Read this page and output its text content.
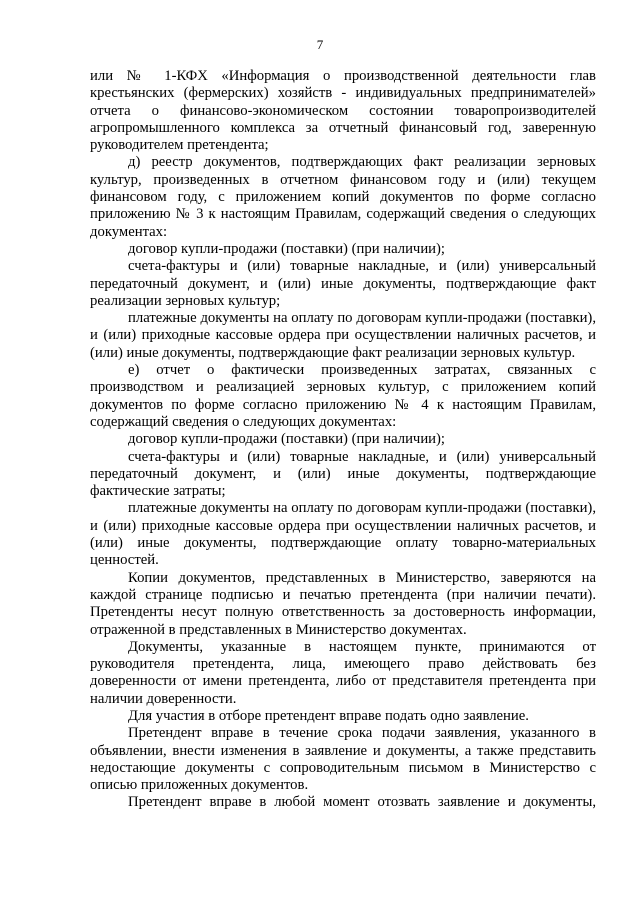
7

или № 1-КФХ «Информация о производственной деятельности глав крестьянских (фермерских) хозяйств - индивидуальных предпринимателей» отчета о финансово-экономическом состоянии товаропроизводителей агропромышленного комплекса за отчетный финансовый год, заверенную руководителем претендента;

д) реестр документов, подтверждающих факт реализации зерновых культур, произведенных в отчетном финансовом году и (или) текущем финансовом году, с приложением копий документов по форме согласно приложению № 3 к настоящим Правилам, содержащий сведения о следующих документах:

договор купли-продажи (поставки) (при наличии);

счета-фактуры и (или) товарные накладные, и (или) универсальный передаточный документ, и (или) иные документы, подтверждающие факт реализации зерновых культур;

платежные документы на оплату по договорам купли-продажи (поставки), и (или) приходные кассовые ордера при осуществлении наличных расчетов, и (или) иные документы, подтверждающие факт реализации зерновых культур.

е) отчет о фактически произведенных затратах, связанных с производством и реализацией зерновых культур, с приложением копий документов по форме согласно приложению № 4 к настоящим Правилам, содержащий сведения о следующих документах:

договор купли-продажи (поставки) (при наличии);

счета-фактуры и (или) товарные накладные, и (или) универсальный передаточный документ, и (или) иные документы, подтверждающие фактические затраты;

платежные документы на оплату по договорам купли-продажи (поставки), и (или) приходные кассовые ордера при осуществлении наличных расчетов, и (или) иные документы, подтверждающие оплату товарно-материальных ценностей.

Копии документов, представленных в Министерство, заверяются на каждой странице подписью и печатью претендента (при наличии печати). Претенденты несут полную ответственность за достоверность информации, отраженной в представленных в Министерство документах.

Документы, указанные в настоящем пункте, принимаются от руководителя претендента, лица, имеющего право действовать без доверенности от имени претендента, либо от представителя претендента при наличии доверенности.

Для участия в отборе претендент вправе подать одно заявление.

Претендент вправе в течение срока подачи заявления, указанного в объявлении, внести изменения в заявление и документы, а также представить недостающие документы с сопроводительным письмом в Министерство с описью приложенных документов.

Претендент вправе в любой момент отозвать заявление и документы,
